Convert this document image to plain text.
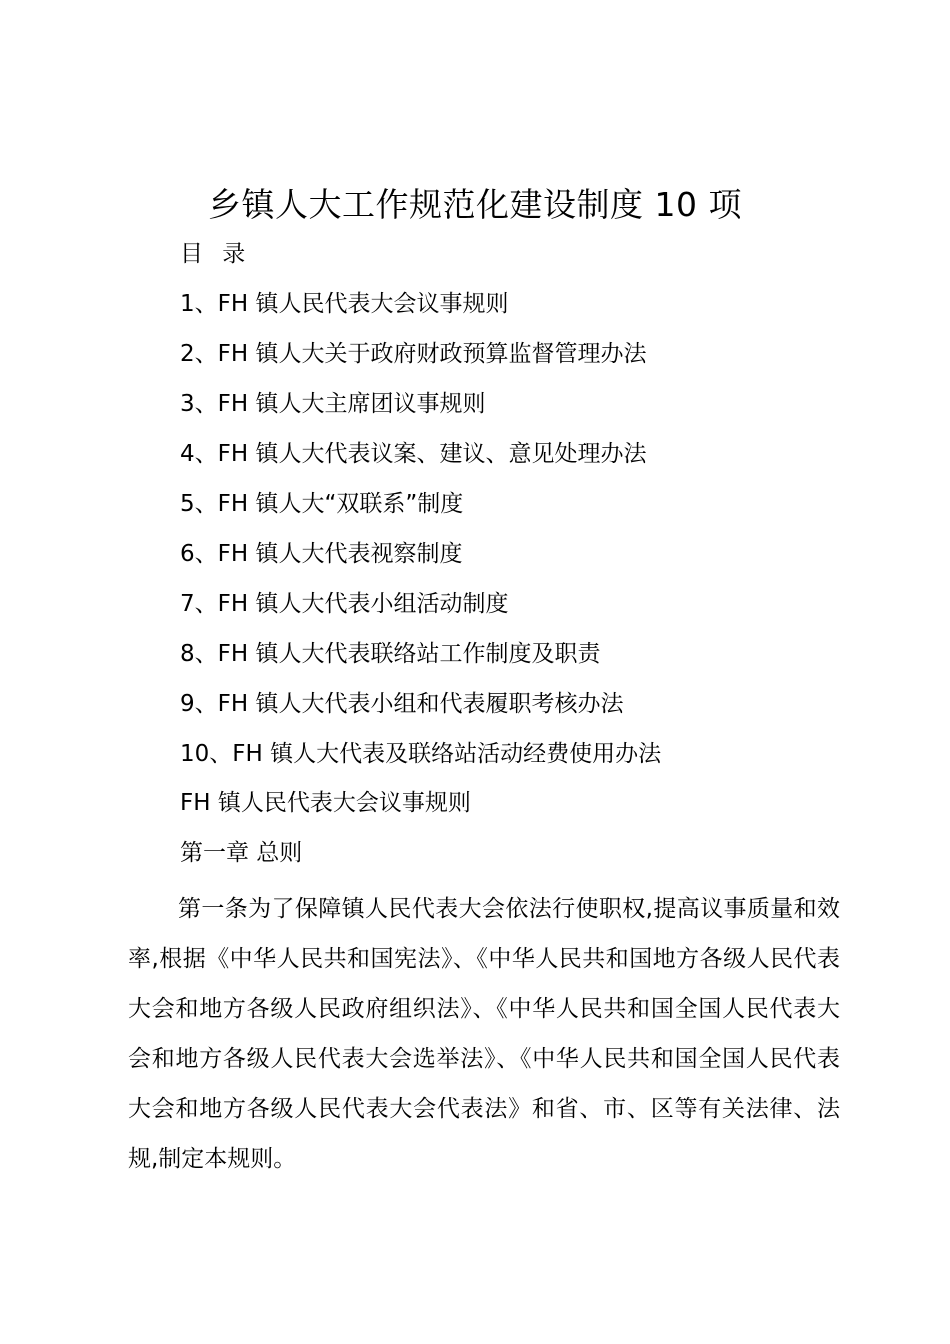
乡镇人大工作规范化建设制度 10 项

目 录

1、FH 镇人民代表大会议事规则

2、FH 镇人大关于政府财政预算监督管理办法

3、FH 镇人大主席团议事规则

4、FH 镇人大代表议案、建议、意见处理办法

5、FH 镇人大“双联系”制度

6、FH 镇人大代表视察制度

7、FH 镇人大代表小组活动制度

8、FH 镇人大代表联络站工作制度及职责

9、FH 镇人大代表小组和代表履职考核办法

10、FH 镇人大代表及联络站活动经费使用办法

FH 镇人民代表大会议事规则

第一章 总则

第一条为了保障镇人民代表大会依法行使职权,提高议事质量和效率,根据《中华人民共和国宪法》、《中华人民共和国地方各级人民代表大会和地方各级人民政府组织法》、《中华人民共和国全国人民代表大会和地方各级人民代表大会选举法》、《中华人民共和国全国人民代表大会和地方各级人民代表大会代表法》和省、市、区等有关法律、法规,制定本规则。
